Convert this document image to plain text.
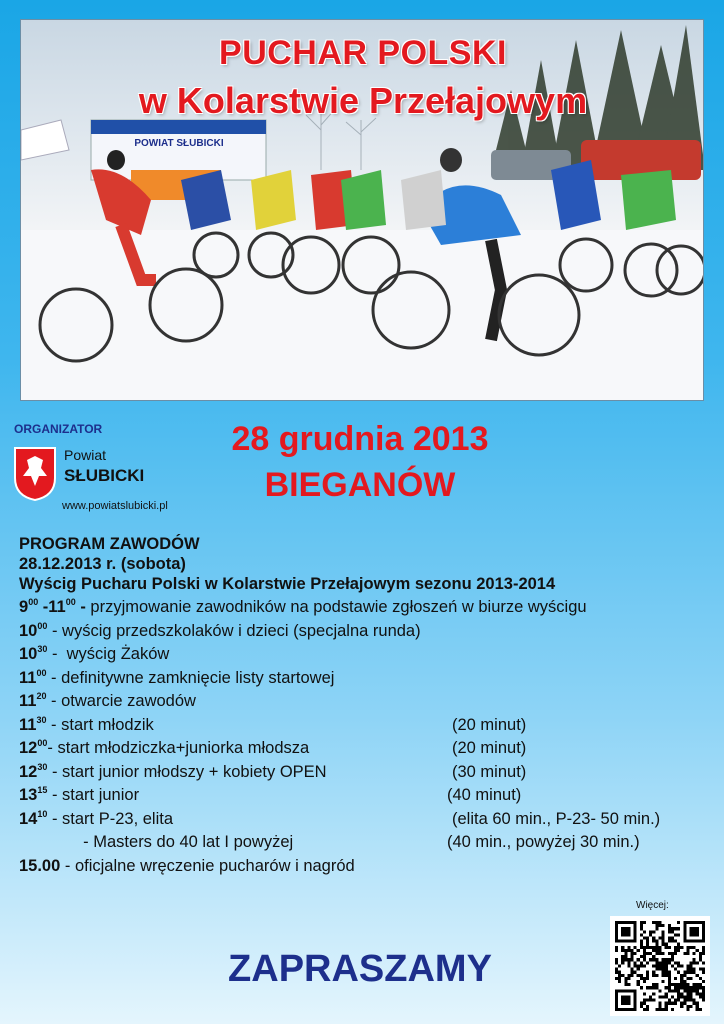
POWIAT SŁUBICKI
PUCHAR POLSKI
w Kolarstwie Przełajowym
ORGANIZATOR
Powiat
SŁUBICKI
www.powiatslubicki.pl
28 grudnia 2013
BIEGANÓW
PROGRAM ZAWODÓW
28.12.2013 r. (sobota)
Wyścig Pucharu Polski w Kolarstwie Przełajowym sezonu 2013-2014
$9^{00}$ $-11^{00}$ - przyjmowanie zawodników na podstawie zgłoszeń w biurze wyścigu
$10^{00}$ - wyścig przedszkolaków i dzieci (specjalna runda)
$10^{30}$ -  wyścig Żaków
$11^{00}$ - definitywne zamknięcie listy startowej
$11^{20}$ - otwarcie zawodów
$11^{30}$ - start młodzik	(20 minut)
$12^{00}-$ start młodziczka+juniorka młodsza	(20 minut)
$12^{30}$ - start junior młodszy + kobiety OPEN	(30 minut)
$13^{15}$ - start junior	(40 minut)
$14^{10}$ - start P-23, elita	(elita 60 min., P-23- 50 min.)
- Masters do 40 lat I powyżej	(40 min., powyżej 30 min.)
15.00 - oficjalne wręczenie pucharów i nagród
ZAPRASZAMY
Więcej:
